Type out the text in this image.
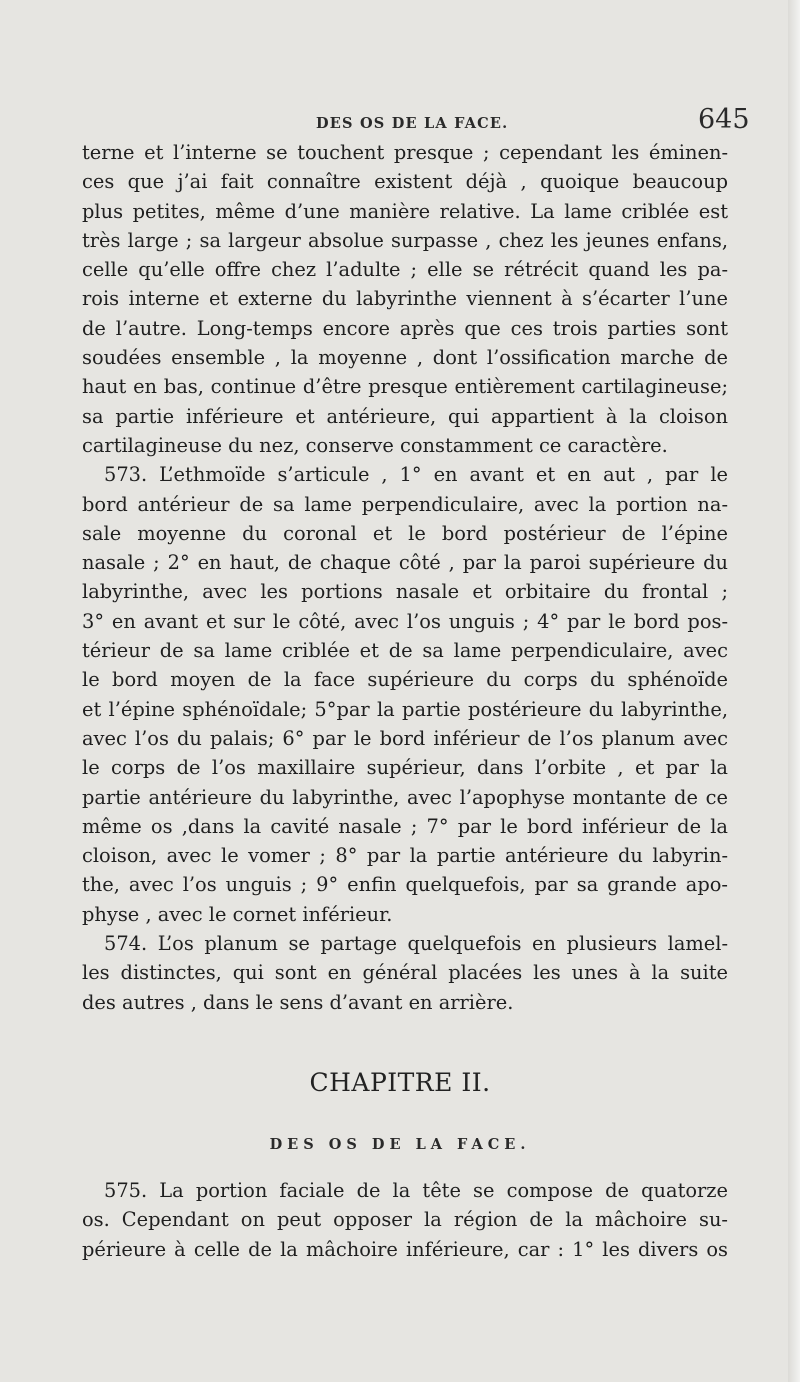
DES OS DE LA FACE.	645
terne et l’interne se touchent presque ; cependant les éminen-
ces que j’ai fait connaître existent déjà , quoique beaucoup
plus petites, même d’une manière relative. La lame criblée est
très large ; sa largeur absolue surpasse , chez les jeunes enfans,
celle qu’elle offre chez l’adulte ; elle se rétrécit quand les pa-
rois interne et externe du labyrinthe viennent à s’écarter l’une
de l’autre. Long-temps encore après que ces trois parties sont
soudées ensemble , la moyenne , dont l’ossification marche de
haut en bas, continue d’être presque entièrement cartilagineuse;
sa partie inférieure et antérieure, qui appartient à la cloison
cartilagineuse du nez, conserve constamment ce caractère.
573. L’ethmoïde s’articule , 1° en avant et en aut , par le
bord antérieur de sa lame perpendiculaire, avec la portion na-
sale moyenne du coronal et le bord postérieur de l’épine
nasale ; 2° en haut, de chaque côté , par la paroi supérieure du
labyrinthe, avec les portions nasale et orbitaire du frontal ;
3° en avant et sur le côté, avec l’os unguis ; 4° par le bord pos-
térieur de sa lame criblée et de sa lame perpendiculaire, avec
le bord moyen de la face supérieure du corps du sphénoïde
et l’épine sphénoïdale; 5°par la partie postérieure du labyrinthe,
avec l’os du palais; 6° par le bord inférieur de l’os planum avec
le corps de l’os maxillaire supérieur, dans l’orbite , et par la
partie antérieure du labyrinthe, avec l’apophyse montante de ce
même os ,dans la cavité nasale ; 7° par le bord inférieur de la
cloison, avec le vomer ; 8° par la partie antérieure du labyrin-
the, avec l’os unguis ; 9° enfin quelquefois, par sa grande apo-
physe , avec le cornet inférieur.
574. L’os planum se partage quelquefois en plusieurs lamel-
les distinctes, qui sont en général placées les unes à la suite
des autres , dans le sens d’avant en arrière.
CHAPITRE II.
DES OS DE LA FACE.
575. La portion faciale de la tête se compose de quatorze
os. Cependant on peut opposer la région de la mâchoire su-
périeure à celle de la mâchoire inférieure, car : 1° les divers os
